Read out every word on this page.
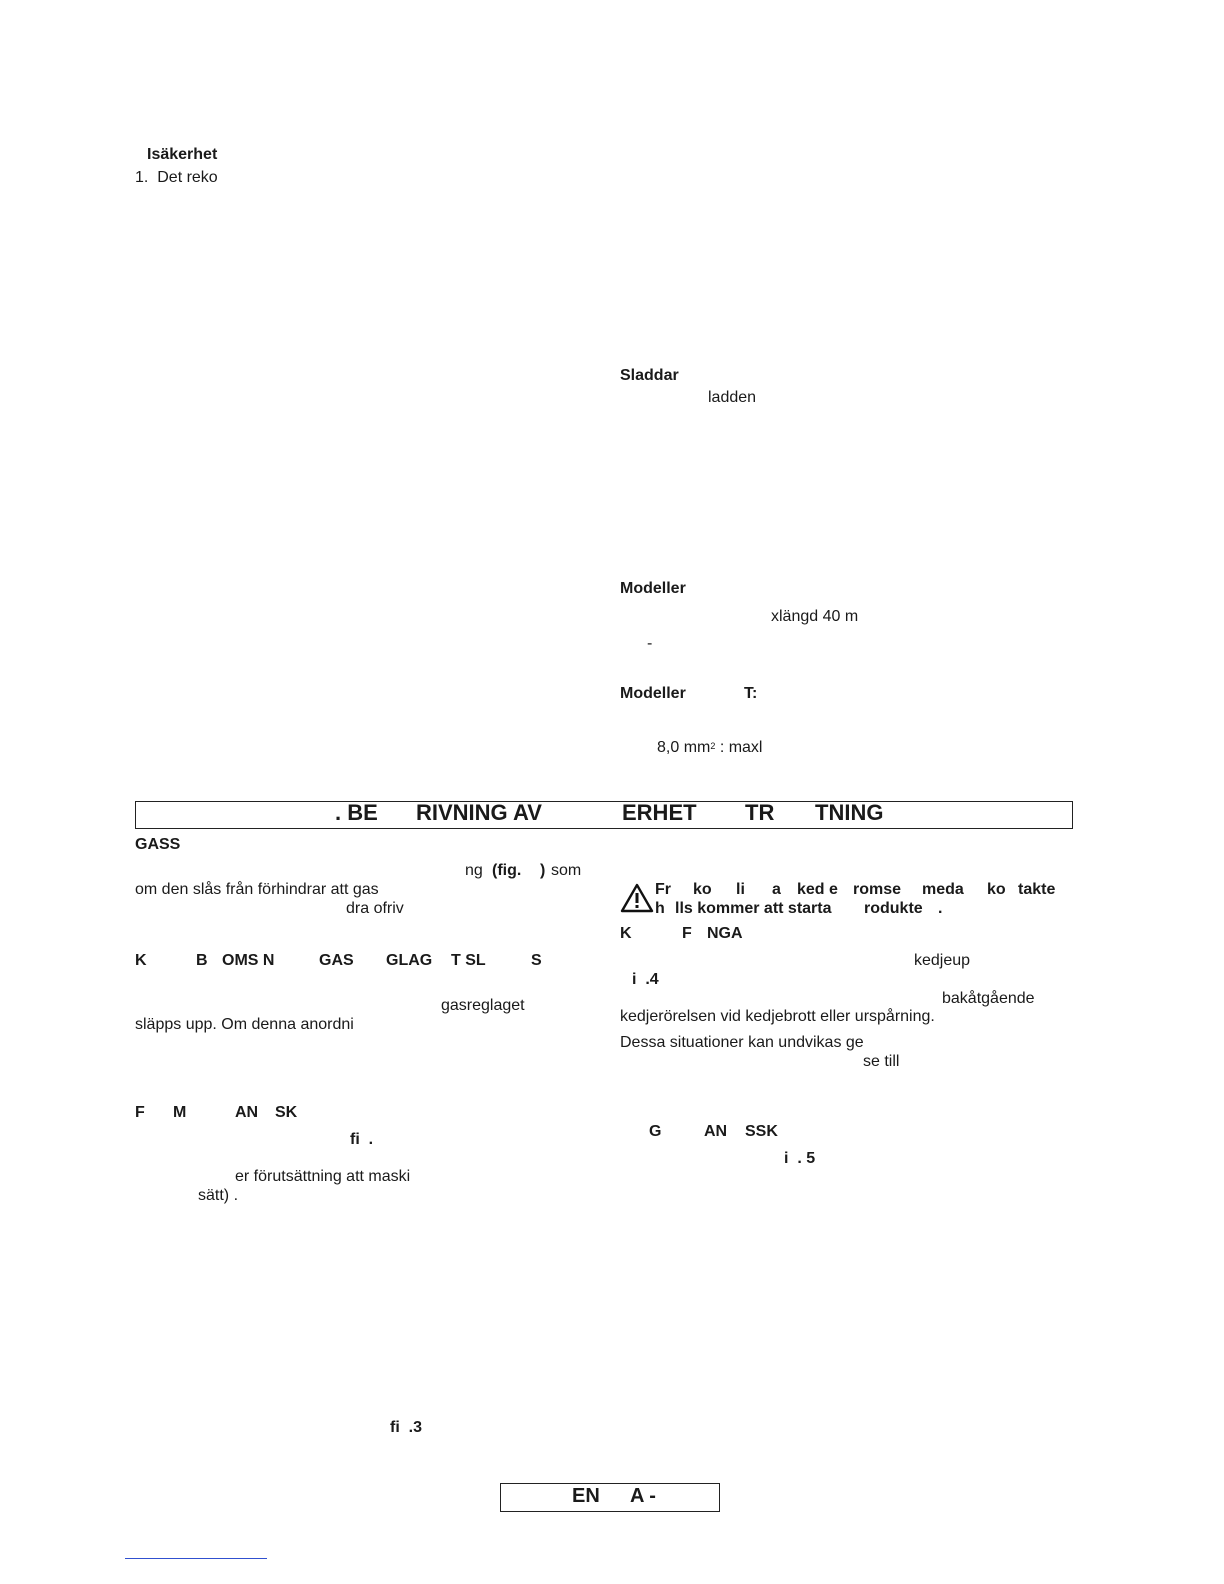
Isäkerhet
1.  Det reko
Sladdar
ladden
Modeller
xlängd 40 m
-
Modeller	T:
8,0 $mm^2$ : maxl
. BE RIVNING AV	ERHET TR TNING
GASS
ng (fig. ) som
om den slås från förhindrar att gas
dra ofriv
K	B OMS N	GAS GLAG T SL	S
gasreglaget
släpps upp. Om denna anordni
F M	AN SK
fi  .
er förutsättning att maski
sätt) .
fi  .3
Fr ko li a ked e romse meda ko takte
h lls kommer att starta rodukte .
K	F NGA
kedjeup
i  .4
bakåtgående
kedjerörelsen vid kedjebrott eller urspårning.
Dessa situationer kan undvikas ge
se till
G	AN SSK
i  . 5
EN A -
